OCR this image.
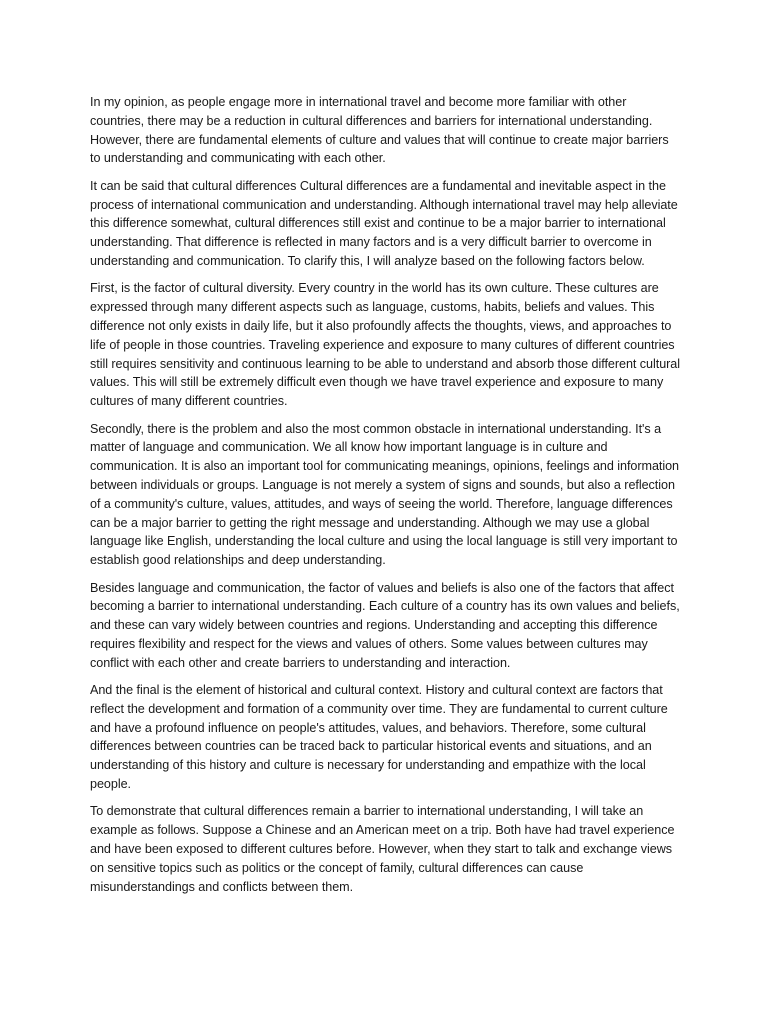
In my opinion, as people engage more in international travel and become more familiar with other countries, there may be a reduction in cultural differences and barriers for international understanding. However, there are fundamental elements of culture and values that will continue to create major barriers to understanding and communicating with each other.

It can be said that cultural differences Cultural differences are a fundamental and inevitable aspect in the process of international communication and understanding. Although international travel may help alleviate this difference somewhat, cultural differences still exist and continue to be a major barrier to international understanding. That difference is reflected in many factors and is a very difficult barrier to overcome in understanding and communication. To clarify this, I will analyze based on the following factors below.

First, is the factor of cultural diversity. Every country in the world has its own culture. These cultures are expressed through many different aspects such as language, customs, habits, beliefs and values. This difference not only exists in daily life, but it also profoundly affects the thoughts, views, and approaches to life of people in those countries. Traveling experience and exposure to many cultures of different countries still requires sensitivity and continuous learning to be able to understand and absorb those different cultural values. This will still be extremely difficult even though we have travel experience and exposure to many cultures of many different countries.

Secondly, there is the problem and also the most common obstacle in international understanding. It's a matter of language and communication. We all know how important language is in culture and communication. It is also an important tool for communicating meanings, opinions, feelings and information between individuals or groups. Language is not merely a system of signs and sounds, but also a reflection of a community's culture, values, attitudes, and ways of seeing the world. Therefore, language differences can be a major barrier to getting the right message and understanding. Although we may use a global language like English, understanding the local culture and using the local language is still very important to establish good relationships and deep understanding.

Besides language and communication, the factor of values and beliefs is also one of the factors that affect becoming a barrier to international understanding. Each culture of a country has its own values and beliefs, and these can vary widely between countries and regions. Understanding and accepting this difference requires flexibility and respect for the views and values of others. Some values between cultures may conflict with each other and create barriers to understanding and interaction.

And the final is the element of historical and cultural context. History and cultural context are factors that reflect the development and formation of a community over time. They are fundamental to current culture and have a profound influence on people's attitudes, values, and behaviors. Therefore, some cultural differences between countries can be traced back to particular historical events and situations, and an understanding of this history and culture is necessary for understanding and empathize with the local people.

To demonstrate that cultural differences remain a barrier to international understanding, I will take an example as follows. Suppose a Chinese and an American meet on a trip. Both have had travel experience and have been exposed to different cultures before. However, when they start to talk and exchange views on sensitive topics such as politics or the concept of family, cultural differences can cause misunderstandings and conflicts between them.
